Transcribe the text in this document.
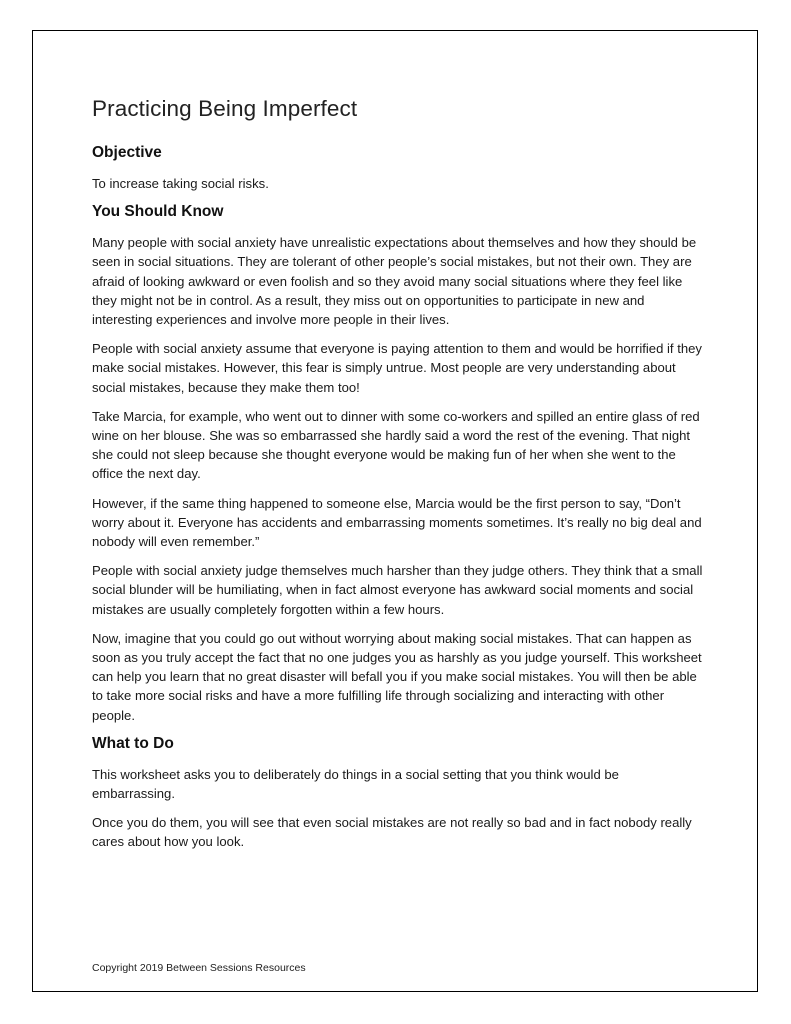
Practicing Being Imperfect
Objective

To increase taking social risks.

You Should Know

Many people with social anxiety have unrealistic expectations about themselves and how they should be seen in social situations. They are tolerant of other people’s social mistakes, but not their own. They are afraid of looking awkward or even foolish and so they avoid many social situations where they feel like they might not be in control. As a result, they miss out on opportunities to participate in new and interesting experiences and involve more people in their lives.

People with social anxiety assume that everyone is paying attention to them and would be horrified if they make social mistakes. However, this fear is simply untrue. Most people are very understanding about social mistakes, because they make them too!

Take Marcia, for example, who went out to dinner with some co-workers and spilled an entire glass of red wine on her blouse. She was so embarrassed she hardly said a word the rest of the evening. That night she could not sleep because she thought everyone would be making fun of her when she went to the office the next day.

However, if the same thing happened to someone else, Marcia would be the first person to say, “Don’t worry about it. Everyone has accidents and embarrassing moments sometimes. It’s really no big deal and nobody will even remember.”

People with social anxiety judge themselves much harsher than they judge others. They think that a small social blunder will be humiliating, when in fact almost everyone has awkward social moments and social mistakes are usually completely forgotten within a few hours.

Now, imagine that you could go out without worrying about making social mistakes. That can happen as soon as you truly accept the fact that no one judges you as harshly as you judge yourself. This worksheet can help you learn that no great disaster will befall you if you make social mistakes. You will then be able to take more social risks and have a more fulfilling life through socializing and interacting with other people.

What to Do

This worksheet asks you to deliberately do things in a social setting that you think would be embarrassing.

Once you do them, you will see that even social mistakes are not really so bad and in fact nobody really cares about how you look.

Copyright 2019 Between Sessions Resources
